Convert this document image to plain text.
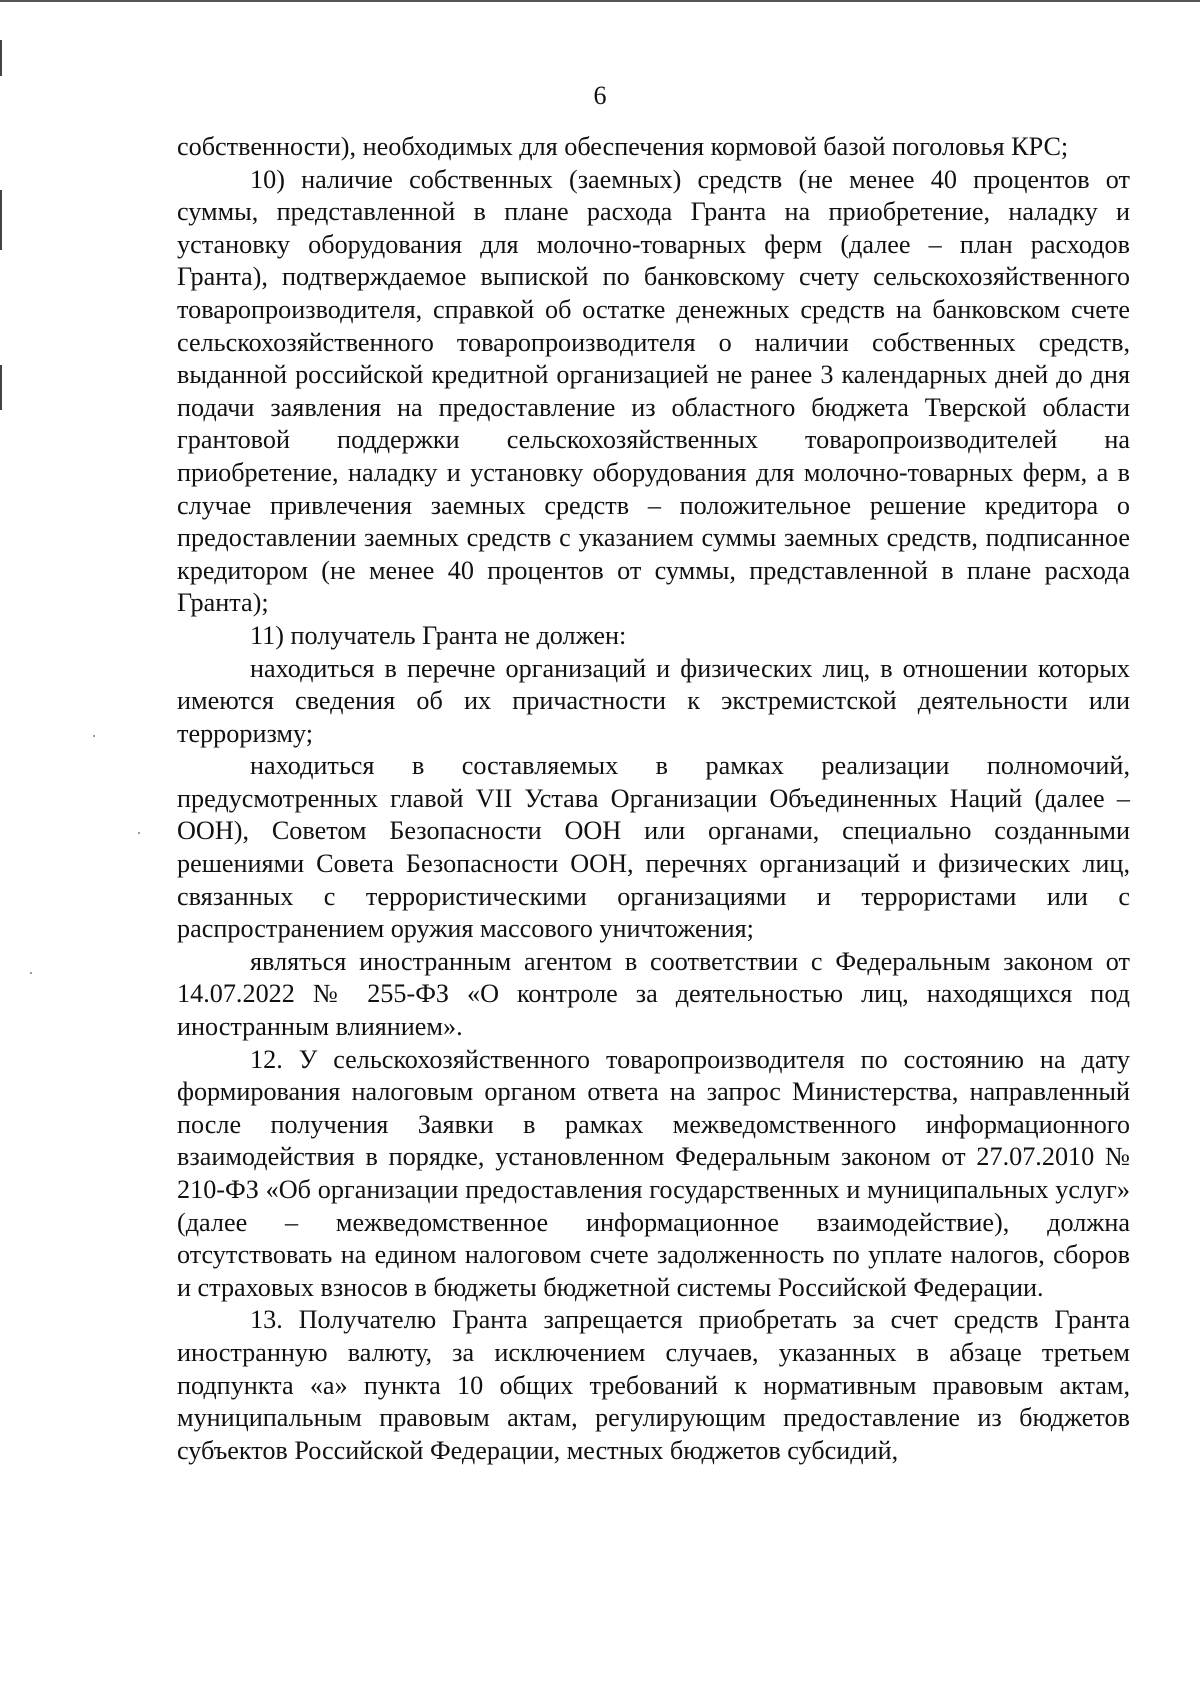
6

собственности), необходимых для обеспечения кормовой базой поголовья КРС;

10) наличие собственных (заемных) средств (не менее 40 процентов от суммы, представленной в плане расхода Гранта на приобретение, наладку и установку оборудования для молочно-товарных ферм (далее – план расходов Гранта), подтверждаемое выпиской по банковскому счету сельскохозяйственного товаропроизводителя, справкой об остатке денежных средств на банковском счете сельскохозяйственного товаропроизводителя о наличии собственных средств, выданной российской кредитной организацией не ранее 3 календарных дней до дня подачи заявления на предоставление из областного бюджета Тверской области грантовой поддержки сельскохозяйственных товаропроизводителей на приобретение, наладку и установку оборудования для молочно-товарных ферм, а в случае привлечения заемных средств – положительное решение кредитора о предоставлении заемных средств с указанием суммы заемных средств, подписанное кредитором (не менее 40 процентов от суммы, представленной в плане расхода Гранта);

11) получатель Гранта не должен:

находиться в перечне организаций и физических лиц, в отношении которых имеются сведения об их причастности к экстремистской деятельности или терроризму;

находиться в составляемых в рамках реализации полномочий, предусмотренных главой VII Устава Организации Объединенных Наций (далее – ООН), Советом Безопасности ООН или органами, специально созданными решениями Совета Безопасности ООН, перечнях организаций и физических лиц, связанных с террористическими организациями и террористами или с распространением оружия массового уничтожения;

являться иностранным агентом в соответствии с Федеральным законом от 14.07.2022 № 255-ФЗ «О контроле за деятельностью лиц, находящихся под иностранным влиянием».

12. У сельскохозяйственного товаропроизводителя по состоянию на дату формирования налоговым органом ответа на запрос Министерства, направленный после получения Заявки в рамках межведомственного информационного взаимодействия в порядке, установленном Федеральным законом от 27.07.2010 № 210-ФЗ «Об организации предоставления государственных и муниципальных услуг» (далее – межведомственное информационное взаимодействие), должна отсутствовать на едином налоговом счете задолженность по уплате налогов, сборов и страховых взносов в бюджеты бюджетной системы Российской Федерации.

13. Получателю Гранта запрещается приобретать за счет средств Гранта иностранную валюту, за исключением случаев, указанных в абзаце третьем подпункта «а» пункта 10 общих требований к нормативным правовым актам, муниципальным правовым актам, регулирующим предоставление из бюджетов субъектов Российской Федерации, местных бюджетов субсидий,
